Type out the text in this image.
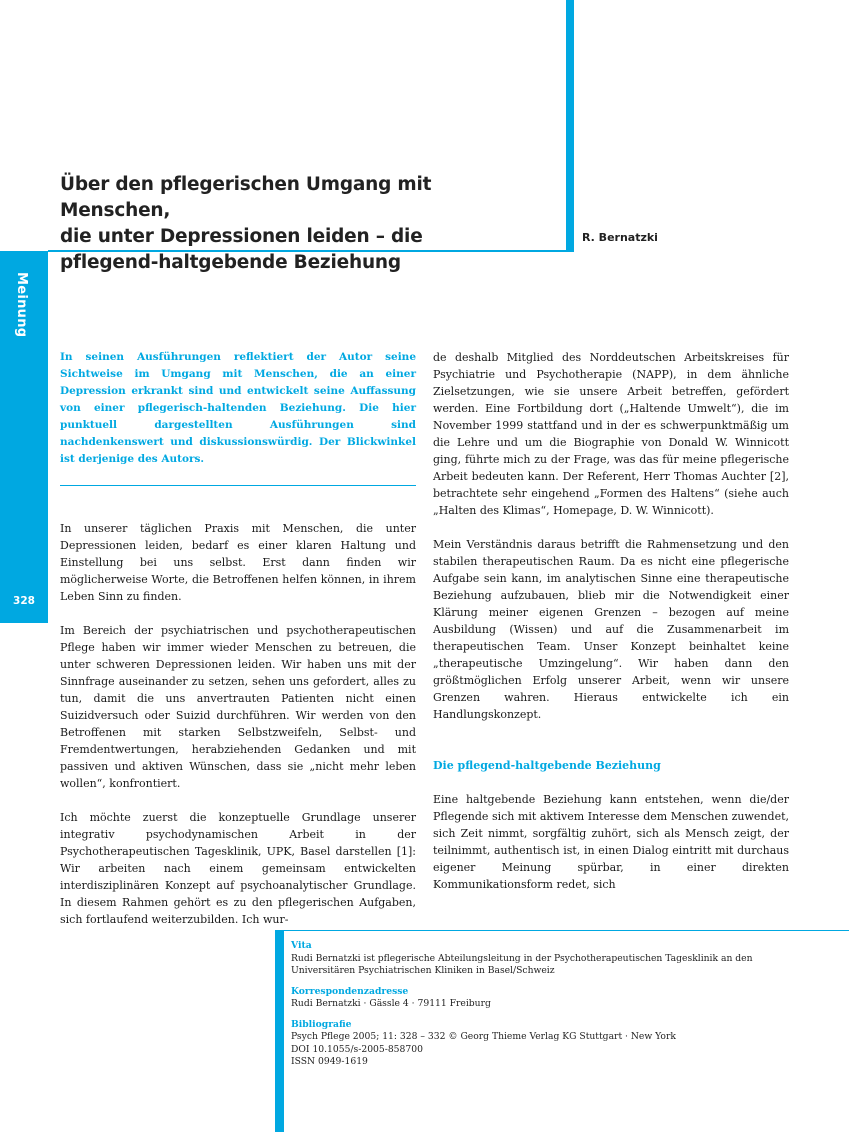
Über den pflegerischen Umgang mit Menschen,
die unter Depressionen leiden – die
pflegend-haltgebende Beziehung
R. Bernatzki
Meinung
328

In seinen Ausführungen reflektiert der Autor seine Sichtweise im Umgang mit Menschen, die an einer Depression erkrankt sind und entwickelt seine Auffassung von einer pflegerisch-haltenden Beziehung. Die hier punktuell dargestellten Ausführungen sind nachdenkenswert und diskussionswürdig. Der Blickwinkel ist derjenige des Autors.

In unserer täglichen Praxis mit Menschen, die unter Depressionen leiden, bedarf es einer klaren Haltung und Einstellung bei uns selbst. Erst dann finden wir möglicherweise Worte, die Betroffenen helfen können, in ihrem Leben Sinn zu finden.

Im Bereich der psychiatrischen und psychotherapeutischen Pflege haben wir immer wieder Menschen zu betreuen, die unter schweren Depressionen leiden. Wir haben uns mit der Sinnfrage auseinander zu setzen, sehen uns gefordert, alles zu tun, damit die uns anvertrauten Patienten nicht einen Suizidversuch oder Suizid durchführen. Wir werden von den Betroffenen mit starken Selbstzweifeln, Selbst- und Fremdentwertungen, herabziehenden Gedanken und mit passiven und aktiven Wünschen, dass sie „nicht mehr leben wollen“, konfrontiert.

Ich möchte zuerst die konzeptuelle Grundlage unserer integrativ psychodynamischen Arbeit in der Psychotherapeutischen Tagesklinik, UPK, Basel darstellen [1]: Wir arbeiten nach einem gemeinsam entwickelten interdisziplinären Konzept auf psychoanalytischer Grundlage. In diesem Rahmen gehört es zu den pflegerischen Aufgaben, sich fortlaufend weiterzubilden. Ich wur-

de deshalb Mitglied des Norddeutschen Arbeitskreises für Psychiatrie und Psychotherapie (NAPP), in dem ähnliche Zielsetzungen, wie sie unsere Arbeit betreffen, gefördert werden. Eine Fortbildung dort („Haltende Umwelt“), die im November 1999 stattfand und in der es schwerpunktmäßig um die Lehre und um die Biographie von Donald W. Winnicott ging, führte mich zu der Frage, was das für meine pflegerische Arbeit bedeuten kann. Der Referent, Herr Thomas Auchter [2], betrachtete sehr eingehend „Formen des Haltens“ (siehe auch „Halten des Klimas“, Homepage, D. W. Winnicott).

Mein Verständnis daraus betrifft die Rahmensetzung und den stabilen therapeutischen Raum. Da es nicht eine pflegerische Aufgabe sein kann, im analytischen Sinne eine therapeutische Beziehung aufzubauen, blieb mir die Notwendigkeit einer Klärung meiner eigenen Grenzen – bezogen auf meine Ausbildung (Wissen) und auf die Zusammenarbeit im therapeutischen Team. Unser Konzept beinhaltet keine „therapeutische Umzingelung“. Wir haben dann den größtmöglichen Erfolg unserer Arbeit, wenn wir unsere Grenzen wahren. Hieraus entwickelte ich ein Handlungskonzept.

Die pflegend-haltgebende Beziehung

Eine haltgebende Beziehung kann entstehen, wenn die/der Pflegende sich mit aktivem Interesse dem Menschen zuwendet, sich Zeit nimmt, sorgfältig zuhört, sich als Mensch zeigt, der teilnimmt, authentisch ist, in einen Dialog eintritt mit durchaus eigener Meinung spürbar, in einer direkten Kommunikationsform redet, sich

Vita
Rudi Bernatzki ist pflegerische Abteilungsleitung in der Psychotherapeutischen Tagesklinik an den
Universitären Psychiatrischen Kliniken in Basel/Schweiz
Korrespondenzadresse
Rudi Bernatzki · Gässle 4 · 79111 Freiburg
Bibliografie
Psych Pflege 2005; 11: 328 – 332 © Georg Thieme Verlag KG Stuttgart · New York
DOI 10.1055/s-2005-858700
ISSN 0949-1619
